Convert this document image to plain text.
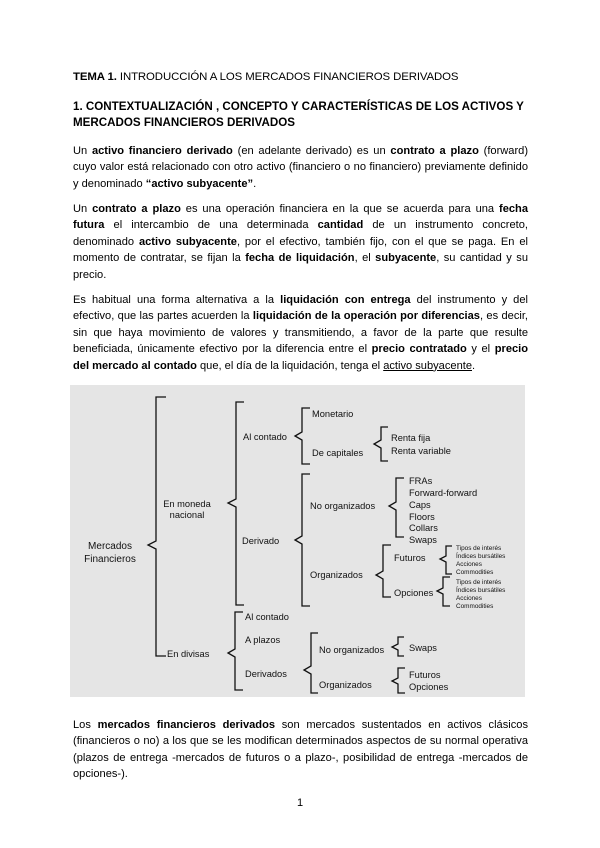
TEMA 1. INTRODUCCIÓN A LOS MERCADOS FINANCIEROS DERIVADOS
1. CONTEXTUALIZACIÓN , CONCEPTO Y CARACTERÍSTICAS DE LOS ACTIVOS Y MERCADOS FINANCIEROS DERIVADOS

Un activo financiero derivado (en adelante derivado) es un contrato a plazo (forward) cuyo valor está relacionado con otro activo (financiero o no financiero) previamente definido y denominado “activo subyacente”.

Un contrato a plazo es una operación financiera en la que se acuerda para una fecha futura el intercambio de una determinada cantidad de un instrumento concreto, denominado activo subyacente, por el efectivo, también fijo, con el que se paga. En el momento de contratar, se fijan la fecha de liquidación, el subyacente, su cantidad y su precio.

Es habitual una forma alternativa a la liquidación con entrega del instrumento y del efectivo, que las partes acuerden la liquidación de la operación por diferencias, es decir, sin que haya movimiento de valores y transmitiendo, a favor de la parte que resulte beneficiada, únicamente efectivo por la diferencia entre el precio contratado y el precio del mercado al contado que, el día de la liquidación, tenga el activo subyacente.

Mercados
Financieros
En moneda
nacional
Al contado
Monetario
De capitales
Renta fija
Renta variable
Derivado
No organizados
FRAs
Forward-forward
Caps
Floors
Collars
Swaps
Organizados
Futuros
Tipos de interés
Índices bursátiles
Acciones
Commodities
Opciones
Tipos de interés
Índices bursátiles
Acciones
Commodities
En divisas
Al contado
A plazos
Derivados
No organizados	Swaps
Organizados
Futuros
Opciones

Los mercados financieros derivados son mercados sustentados en activos clásicos (financieros o no) a los que se les modifican determinados aspectos de su normal operativa (plazos de entrega -mercados de futuros o a plazo-, posibilidad de entrega -mercados de opciones-).

1
